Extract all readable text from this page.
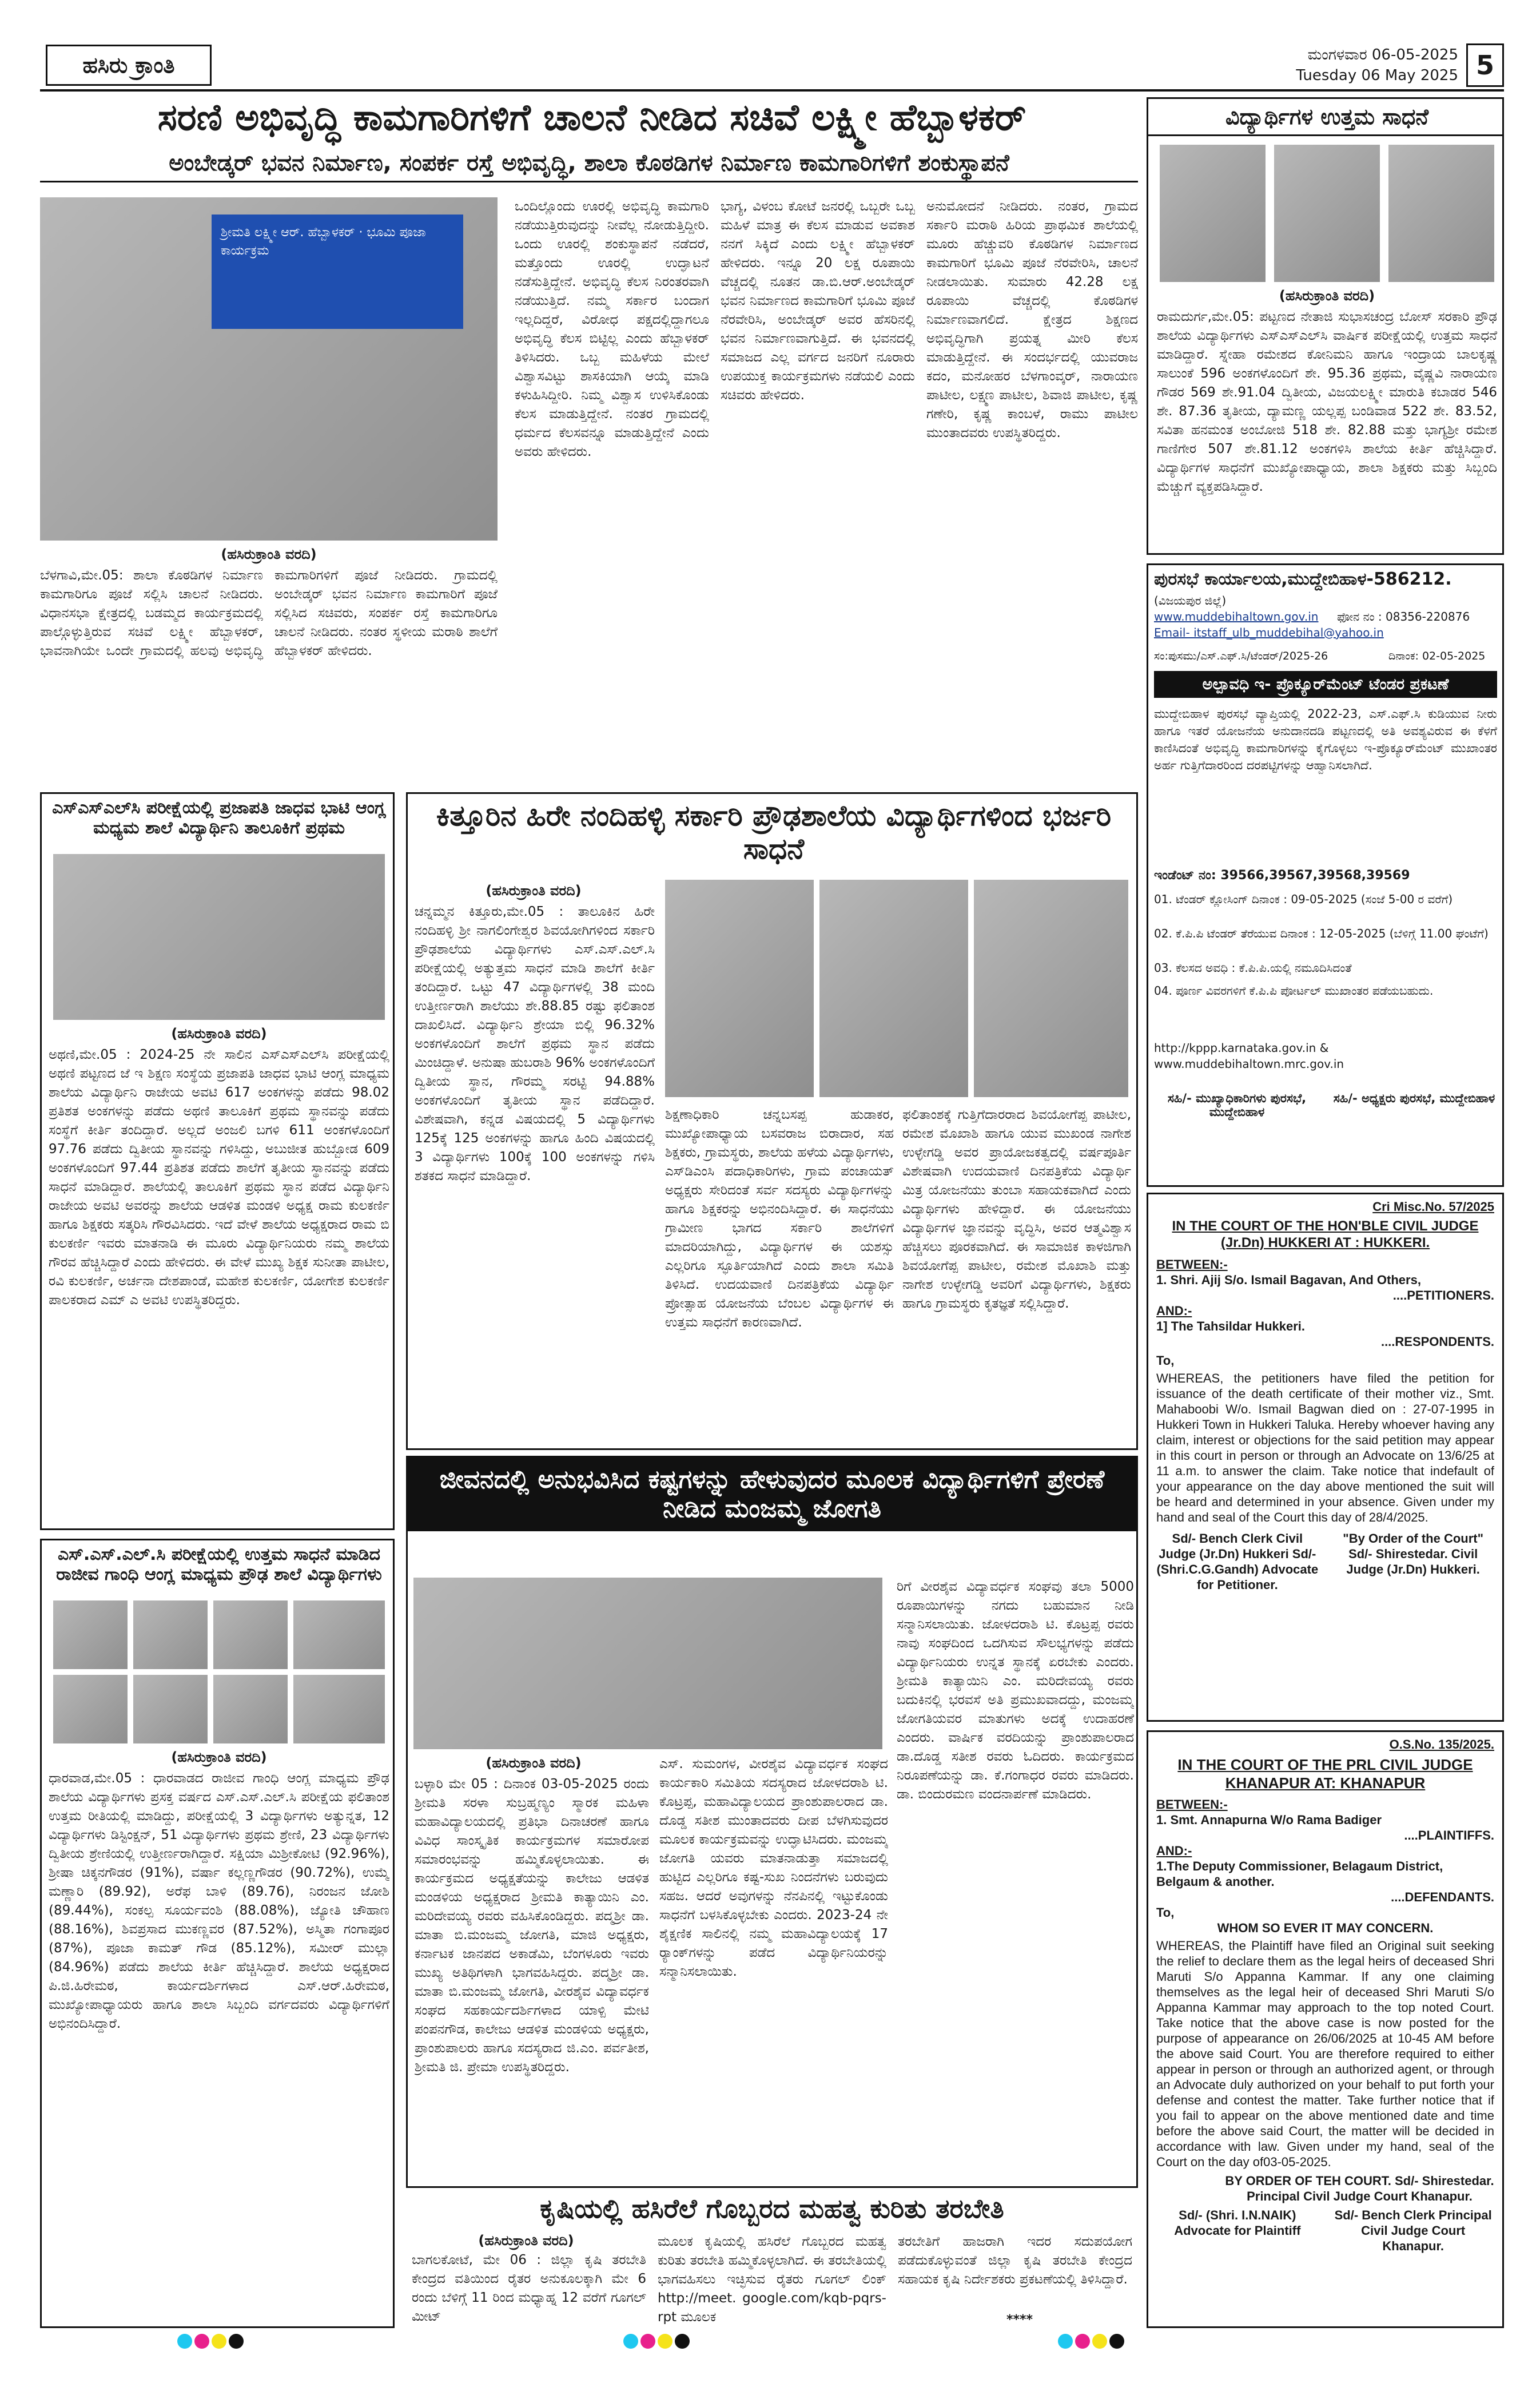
ಹಸಿರು ಕ್ರಾಂತಿ	ಮಂಗಳವಾರ 06-05-2025
Tuesday 06 May 2025 5
ಸರಣಿ ಅಭಿವೃದ್ಧಿ ಕಾಮಗಾರಿಗಳಿಗೆ ಚಾಲನೆ ನೀಡಿದ ಸಚಿವೆ ಲಕ್ಷ್ಮೀ ಹೆಬ್ಬಾಳಕರ್
ಅಂಬೇಡ್ಕರ್ ಭವನ ನಿರ್ಮಾಣ, ಸಂಪರ್ಕ ರಸ್ತೆ ಅಭಿವೃದ್ಧಿ, ಶಾಲಾ ಕೊಠಡಿಗಳ ನಿರ್ಮಾಣ ಕಾಮಗಾರಿಗಳಿಗೆ ಶಂಕುಸ್ಥಾಪನೆ
ಶ್ರೀಮತಿ ಲಕ್ಷ್ಮೀ ಆರ್. ಹೆಬ್ಬಾಳಕರ್ · ಭೂಮಿ ಪೂಜಾ ಕಾರ್ಯಕ್ರಮ
(ಹಸಿರುಕ್ರಾಂತಿ ವರದಿ)
ಬೆಳಗಾವಿ,ಮೇ.05: ಶಾಲಾ ಕೊಠಡಿಗಳ ನಿರ್ಮಾಣ ಕಾಮಗಾರಿಗೂ ಪೂಜೆ ಸಲ್ಲಿಸಿ ಚಾಲನೆ ನೀಡಿದರು. ವಿಧಾನಸಭಾ ಕ್ಷೇತ್ರದಲ್ಲಿ ಬಡಮ್ಮದ ಕಾರ್ಯಕ್ರಮದಲ್ಲಿ ಪಾಲ್ಗೊಳ್ಳುತ್ತಿರುವ ಸಚಿವೆ ಲಕ್ಷ್ಮೀ ಹೆಬ್ಬಾಳಕರ್, ಭಾವನಾಗಿಯೇ ಒಂದೇ ಗ್ರಾಮದಲ್ಲಿ ಹಲವು ಅಭಿವೃದ್ಧಿ ಕಾಮಗಾರಿಗಳಿಗೆ ಪೂಜೆ ನೀಡಿದರು. ಗ್ರಾಮದಲ್ಲಿ ಅಂಬೇಡ್ಕರ್ ಭವನ ನಿರ್ಮಾಣ ಕಾಮಗಾರಿಗೆ ಪೂಜೆ ಸಲ್ಲಿಸಿದ ಸಚಿವರು, ಸಂಪರ್ಕ ರಸ್ತೆ ಕಾಮಗಾರಿಗೂ ಚಾಲನೆ ನೀಡಿದರು. ನಂತರ ಸ್ಥಳೀಯ ಮರಾಠಿ ಶಾಲೆಗೆ ಹೆಬ್ಬಾಳಕರ್ ಹೇಳಿದರು.
ಒಂದಿಲ್ಲೊಂದು ಊರಲ್ಲಿ ಅಭಿವೃದ್ಧಿ ಕಾಮಗಾರಿ ನಡೆಯುತ್ತಿರುವುದನ್ನು ನೀವೆಲ್ಲ ನೋಡುತ್ತಿದ್ದೀರಿ. ಒಂದು ಊರಲ್ಲಿ ಶಂಕುಸ್ಥಾಪನೆ ನಡೆದರೆ, ಮತ್ತೊಂದು ಊರಲ್ಲಿ ಉದ್ಘಾಟನೆ ನಡೆಸುತ್ತಿದ್ದೇನೆ. ಅಭಿವೃದ್ಧಿ ಕೆಲಸ ನಿರಂತರವಾಗಿ ನಡೆಯುತ್ತಿದೆ. ನಮ್ಮ ಸರ್ಕಾರ ಬಂದಾಗ ಇಲ್ಲದಿದ್ದರೆ, ವಿರೋಧ ಪಕ್ಷದಲ್ಲಿದ್ದಾಗಲೂ ಅಭಿವೃದ್ಧಿ ಕೆಲಸ ಬಿಟ್ಟಿಲ್ಲ ಎಂದು ಹೆಬ್ಬಾಳಕರ್ ತಿಳಿಸಿದರು. ಒಬ್ಬ ಮಹಿಳೆಯ ಮೇಲೆ ವಿಶ್ವಾಸವಿಟ್ಟು ಶಾಸಕಿಯಾಗಿ ಆಯ್ಕೆ ಮಾಡಿ ಕಳುಹಿಸಿದ್ದೀರಿ. ನಿಮ್ಮ ವಿಶ್ವಾಸ ಉಳಿಸಿಕೊಂಡು ಕೆಲಸ ಮಾಡುತ್ತಿದ್ದೇನೆ. ನಂತರ ಗ್ರಾಮದಲ್ಲಿ ಧರ್ಮದ ಕೆಲಸವನ್ನೂ ಮಾಡುತ್ತಿದ್ದೇನೆ ಎಂದು ಅವರು ಹೇಳಿದರು.
ಭಾಗ್ಯ, ವಿಳಂಬ ಕೋಟೆ ಜನರಲ್ಲಿ ಒಬ್ಬರೇ ಒಬ್ಬ ಮಹಿಳೆ ಮಾತ್ರ ಈ ಕೆಲಸ ಮಾಡುವ ಅವಕಾಶ ನನಗೆ ಸಿಕ್ಕಿದೆ ಎಂದು ಲಕ್ಷ್ಮೀ ಹೆಬ್ಬಾಳಕರ್ ಹೇಳಿದರು. ಇನ್ನೂ 20 ಲಕ್ಷ ರೂಪಾಯಿ ವೆಚ್ಚದಲ್ಲಿ ನೂತನ ಡಾ.ಬಿ.ಆರ್.ಅಂಬೇಡ್ಕರ್ ಭವನ ನಿರ್ಮಾಣದ ಕಾಮಗಾರಿಗೆ ಭೂಮಿ ಪೂಜೆ ನೆರವೇರಿಸಿ, ಅಂಬೇಡ್ಕರ್ ಅವರ ಹೆಸರಿನಲ್ಲಿ ಭವನ ನಿರ್ಮಾಣವಾಗುತ್ತಿದೆ. ಈ ಭವನದಲ್ಲಿ ಸಮಾಜದ ಎಲ್ಲ ವರ್ಗದ ಜನರಿಗೆ ನೂರಾರು ಉಪಯುಕ್ತ ಕಾರ್ಯಕ್ರಮಗಳು ನಡೆಯಲಿ ಎಂದು ಸಚಿವರು ಹೇಳಿದರು.
ಅನುಮೋದನೆ ನೀಡಿದರು. ನಂತರ, ಗ್ರಾಮದ ಸರ್ಕಾರಿ ಮರಾಠಿ ಹಿರಿಯ ಪ್ರಾಥಮಿಕ ಶಾಲೆಯಲ್ಲಿ ಮೂರು ಹೆಚ್ಚುವರಿ ಕೊಠಡಿಗಳ ನಿರ್ಮಾಣದ ಕಾಮಗಾರಿಗೆ ಭೂಮಿ ಪೂಜೆ ನೆರವೇರಿಸಿ, ಚಾಲನೆ ನೀಡಲಾಯಿತು. ಸುಮಾರು 42.28 ಲಕ್ಷ ರೂಪಾಯಿ ವೆಚ್ಚದಲ್ಲಿ ಕೊಠಡಿಗಳ ನಿರ್ಮಾಣವಾಗಲಿದೆ. ಕ್ಷೇತ್ರದ ಶಿಕ್ಷಣದ ಅಭಿವೃದ್ಧಿಗಾಗಿ ಪ್ರಯತ್ನ ಮೀರಿ ಕೆಲಸ ಮಾಡುತ್ತಿದ್ದೇನೆ. ಈ ಸಂದರ್ಭದಲ್ಲಿ ಯುವರಾಜ ಕದಂ, ಮನೋಹರ ಬೆಳಗಾಂವ್ಕರ್, ನಾರಾಯಣ ಪಾಟೀಲ, ಲಕ್ಷ್ಮಣ ಪಾಟೀಲ, ಶಿವಾಜಿ ಪಾಟೀಲ, ಕೃಷ್ಣ ಗಣೇರಿ, ಕೃಷ್ಣ ಕಾಂಬಳೆ, ರಾಮು ಪಾಟೀಲ ಮುಂತಾದವರು ಉಪಸ್ಥಿತರಿದ್ದರು.
ವಿದ್ಯಾರ್ಥಿಗಳ ಉತ್ತಮ ಸಾಧನೆ
(ಹಸಿರುಕ್ರಾಂತಿ ವರದಿ)
ರಾಮದುರ್ಗ,ಮೇ.05: ಪಟ್ಟಣದ ನೇತಾಜಿ ಸುಭಾಸಚಂದ್ರ ಬೋಸ್ ಸರಕಾರಿ ಪ್ರೌಢ ಶಾಲೆಯ ವಿದ್ಯಾರ್ಥಿಗಳು ಎಸ್ಎಸ್ಎಲ್‌ಸಿ ವಾರ್ಷಿಕ ಪರೀಕ್ಷೆಯಲ್ಲಿ ಉತ್ತಮ ಸಾಧನೆ ಮಾಡಿದ್ದಾರೆ. ಸ್ನೇಹಾ ರಮೇಶದ ಕೋನಿಮನಿ ಹಾಗೂ ಇಂದ್ರಾಯ ಬಾಲಕೃಷ್ಣ ಸಾಲುಂಕೆ 596 ಅಂಕಗಳೊಂದಿಗೆ ಶೇ. 95.36 ಪ್ರಥಮ, ವೈಷ್ಣವಿ ನಾರಾಯಣ ಗೌಡರ 569 ಶೇ.91.04 ದ್ವಿತೀಯ, ವಿಜಯಲಕ್ಷ್ಮೀ ಮಾರುತಿ ಕಬಾಡರ 546 ಶೇ. 87.36 ತೃತೀಯ, ದ್ಯಾಮಣ್ಣ ಯಲ್ಲಪ್ಪ ಬಂಡಿವಾಡ 522 ಶೇ. 83.52, ಸವಿತಾ ಹನಮಂತ ಅಂಬೋಜಿ 518 ಶೇ. 82.88 ಮತ್ತು ಭಾಗ್ಯಶ್ರೀ ರಮೇಶ ಗಾಣಿಗೇರ 507 ಶೇ.81.12 ಅಂಕಗಳಿಸಿ ಶಾಲೆಯ ಕೀರ್ತಿ ಹೆಚ್ಚಿಸಿದ್ದಾರೆ. ವಿದ್ಯಾರ್ಥಿಗಳ ಸಾಧನೆಗೆ ಮುಖ್ಯೋಪಾಧ್ಯಾಯ, ಶಾಲಾ ಶಿಕ್ಷಕರು ಮತ್ತು ಸಿಬ್ಬಂದಿ ಮೆಚ್ಚುಗೆ ವ್ಯಕ್ತಪಡಿಸಿದ್ದಾರೆ.
ಪುರಸಭೆ ಕಾರ್ಯಾಲಯ,ಮುದ್ದೇಬಿಹಾಳ-586212.
(ವಿಜಯಪುರ ಜಿಲ್ಲೆ)
www.muddebihaltown.gov.in ಫೋನ ನಂ : 08356-220876
Email- itstaff_ulb_muddebihal@yahoo.in
ಸಂ:ಪುಸಮು/ಎಸ್.ಎಫ್.ಸಿ/ಟೆಂಡರ್/2025-26	ದಿನಾಂಕ: 02-05-2025
ಅಲ್ಪಾವಧಿ ಇ- ಪ್ರೊಕ್ಯೂರ್‌ಮೆಂಟ್ ಟೆಂಡರ ಪ್ರಕಟಣೆ
ಮುದ್ದೇಬಿಹಾಳ ಪುರಸಭೆ ವ್ಯಾಪ್ತಿಯಲ್ಲಿ 2022-23, ಎಸ್.ಎಫ್.ಸಿ ಕುಡಿಯುವ ನೀರು ಹಾಗೂ ಇತರೆ ಯೋಜನೆಯ ಅನುದಾನದಡಿ ಪಟ್ಟಣದಲ್ಲಿ ಅತಿ ಅವಶ್ಯವಿರುವ ಈ ಕೆಳಗೆ ಕಾಣಿಸಿದಂತೆ ಅಭಿವೃದ್ಧಿ ಕಾಮಗಾರಿಗಳನ್ನು ಕೈಗೊಳ್ಳಲು ಇ-ಪ್ರೊಕ್ಯೂರ್‌ಮೆಂಟ್ ಮುಖಾಂತರ ಅರ್ಹ ಗುತ್ತಿಗೆದಾರರಿಂದ ದರಪಟ್ಟಿಗಳನ್ನು ಆಹ್ವಾನಿಸಲಾಗಿದೆ.
ಇಂಡೆಂಟ್ ನಂ: 39566,39567,39568,39569
01. ಟೆಂಡರ್ ಕ್ಲೋಸಿಂಗ್ ದಿನಾಂಕ : 09-05-2025 (ಸಂಜೆ 5-00 ರ ವರೆಗೆ)
02. ಕೆ.ಪಿ.ಪಿ ಟೆಂಡರ್ ತೆರೆಯುವ ದಿನಾಂಕ : 12-05-2025 (ಬೆಳಿಗ್ಗೆ 11.00 ಘಂಟೆಗೆ)
03. ಕೆಲಸದ ಅವಧಿ : ಕೆ.ಪಿ.ಪಿ.ಯಲ್ಲಿ ನಮೂದಿಸಿದಂತೆ
04. ಪೂರ್ಣ ವಿವರಗಳಿಗೆ ಕೆ.ಪಿ.ಪಿ ಪೋರ್ಟಲ್ ಮುಖಾಂತರ ಪಡೆಯಬಹುದು.
http://kppp.karnataka.gov.in & www.muddebihaltown.mrc.gov.in
ಸಹಿ/- ಮುಖ್ಯಾಧಿಕಾರಿಗಳು ಪುರಸಭೆ, ಮುದ್ದೇಬಿಹಾಳ
ಸಹಿ/- ಅಧ್ಯಕ್ಷರು ಪುರಸಭೆ, ಮುದ್ದೇಬಿಹಾಳ
Cri Misc.No. 57/2025
IN THE COURT OF THE HON'BLE CIVIL JUDGE (Jr.Dn) HUKKERI AT : HUKKERI.
BETWEEN:-
1. Shri. Ajij S/o. Ismail Bagavan, And Others,
....PETITIONERS.
AND:-
1] The Tahsildar Hukkeri.
....RESPONDENTS.
To,
WHEREAS, the petitioners have filed the petition for issuance of the death certificate of their mother viz., Smt. Mahaboobi W/o. Ismail Bagwan died on : 27-07-1995 in Hukkeri Town in Hukkeri Taluka. Hereby whoever having any claim, interest or objections for the said petition may appear in this court in person or through an Advocate on 13/6/25 at 11 a.m. to answer the claim. Take notice that indefault of your appearance on the day above mentioned the suit will be heard and determined in your absence. Given under my hand and seal of the Court this day of 28/4/2025.
Sd/- Bench Clerk Civil Judge (Jr.Dn) Hukkeri Sd/- (Shri.C.G.Gandh) Advocate for Petitioner.
"By Order of the Court" Sd/- Shirestedar. Civil Judge (Jr.Dn) Hukkeri.
O.S.No. 135/2025.
IN THE COURT OF THE PRL CIVIL JUDGE KHANAPUR AT: KHANAPUR
BETWEEN:-
1. Smt. Annapurna W/o Rama Badiger
....PLAINTIFFS.
AND:-
1.The Deputy Commissioner, Belagaum District, Belgaum & another.
....DEFENDANTS.
To,
WHOM SO EVER IT MAY CONCERN.
WHEREAS, the Plaintiff have filed an Original suit seeking the relief to declare them as the legal heirs of deceased Shri Maruti S/o Appanna Kammar. If any one claiming themselves as the legal heir of deceased Shri Maruti S/o Appanna Kammar may approach to the top noted Court. Take notice that the above case is now posted for the purpose of appearance on 26/06/2025 at 10-45 AM before the above said Court. You are therefore required to either appear in person or through an authorized agent, or through an Advocate duly authorized on your behalf to put forth your defense and contest the matter. Take further notice that if you fail to appear on the above mentioned date and time before the above said Court, the matter will be decided in accordance with law. Given under my hand, seal of the Court on the day of03-05-2025.
BY ORDER OF TEH COURT. Sd/- Shirestedar. Principal Civil Judge Court Khanapur.
Sd/- (Shri. I.N.NAIK) Advocate for Plaintiff
Sd/- Bench Clerk Principal Civil Judge Court Khanapur.
ಎಸ್‌ಎಸ್‌ಎಲ್‌ಸಿ ಪರೀಕ್ಷೆಯಲ್ಲಿ ಪ್ರಜಾಪತಿ ಜಾಧವ ಭಾಟಿ ಆಂಗ್ಲ ಮಧ್ಯಮ ಶಾಲೆ ವಿದ್ಯಾರ್ಥಿನಿ ತಾಲೂಕಿಗೆ ಪ್ರಥಮ
(ಹಸಿರುಕ್ರಾಂತಿ ವರದಿ)
ಅಥಣಿ,ಮೇ.05 : 2024-25 ನೇ ಸಾಲಿನ ಎಸ್‌ಎಸ್‌ಎಲ್‌ಸಿ ಪರೀಕ್ಷೆಯಲ್ಲಿ ಅಥಣಿ ಪಟ್ಟಣದ ಜೆ ಇ ಶಿಕ್ಷಣ ಸಂಸ್ಥೆಯ ಪ್ರಜಾಪತಿ ಜಾಧವ ಭಾಟಿ ಆಂಗ್ಲ ಮಾಧ್ಯಮ ಶಾಲೆಯ ವಿದ್ಯಾರ್ಥಿನಿ ರಾಜೇಯ ಅವಟಿ 617 ಅಂಕಗಳನ್ನು ಪಡೆದು 98.02 ಪ್ರತಿಶತ ಅಂಕಗಳನ್ನು ಪಡೆದು ಅಥಣಿ ತಾಲೂಕಿಗೆ ಪ್ರಥಮ ಸ್ಥಾನವನ್ನು ಪಡೆದು ಸಂಸ್ಥೆಗೆ ಕೀರ್ತಿ ತಂದಿದ್ದಾರೆ. ಅಲ್ಲದೆ ಅಂಜಲಿ ಬಗಳಿ 611 ಅಂಕಗಳೊಂದಿಗೆ 97.76 ಪಡೆದು ದ್ವಿತೀಯ ಸ್ಥಾನವನ್ನು ಗಳಿಸಿದ್ದು, ಅಬುಜೀತ ಹುಬ್ಬೋಡ 609 ಅಂಕಗಳೊಂದಿಗೆ 97.44 ಪ್ರತಿಶತ ಪಡೆದು ಶಾಲೆಗೆ ತೃತೀಯ ಸ್ಥಾನವನ್ನು ಪಡೆದು ಸಾಧನೆ ಮಾಡಿದ್ದಾರೆ. ಶಾಲೆಯಲ್ಲಿ ತಾಲೂಕಿಗೆ ಪ್ರಥಮ ಸ್ಥಾನ ಪಡೆದ ವಿದ್ಯಾರ್ಥಿನಿ ರಾಜೇಯ ಅವಟಿ ಅವರನ್ನು ಶಾಲೆಯ ಆಡಳಿತ ಮಂಡಳಿ ಅಧ್ಯಕ್ಷ ರಾಮ ಕುಲಕರ್ಣಿ ಹಾಗೂ ಶಿಕ್ಷಕರು ಸತ್ಕರಿಸಿ ಗೌರವಿಸಿದರು. ಇದೆ ವೇಳೆ ಶಾಲೆಯ ಅಧ್ಯಕ್ಷರಾದ ರಾಮ ಬಿ ಕುಲಕರ್ಣಿ ಇವರು ಮಾತನಾಡಿ ಈ ಮೂರು ವಿದ್ಯಾರ್ಥಿನಿಯರು ನಮ್ಮ ಶಾಲೆಯ ಗೌರವ ಹೆಚ್ಚಿಸಿದ್ದಾರೆ ಎಂದು ಹೇಳಿದರು. ಈ ವೇಳೆ ಮುಖ್ಯ ಶಿಕ್ಷಕ ಸುನೀತಾ ಪಾಟೀಲ, ರವಿ ಕುಲಕರ್ಣಿ, ಅರ್ಚನಾ ದೇಶಪಾಂಡೆ, ಮಹೇಶ ಕುಲಕರ್ಣಿ, ಯೋಗೇಶ ಕುಲಕರ್ಣಿ ಪಾಲಕರಾದ ಎಮ್ ಎ ಅವಟಿ ಉಪಸ್ಥಿತರಿದ್ದರು.
ಎಸ್.ಎಸ್.ಎಲ್.ಸಿ ಪರೀಕ್ಷೆಯಲ್ಲಿ ಉತ್ತಮ ಸಾಧನೆ ಮಾಡಿದ ರಾಜೀವ ಗಾಂಧಿ ಆಂಗ್ಲ ಮಾಧ್ಯಮ ಪ್ರೌಢ ಶಾಲೆ ವಿದ್ಯಾರ್ಥಿಗಳು
(ಹಸಿರುಕ್ರಾಂತಿ ವರದಿ)
ಧಾರವಾಡ,ಮೇ.05 : ಧಾರವಾಡದ ರಾಜೀವ ಗಾಂಧಿ ಆಂಗ್ಲ ಮಾಧ್ಯಮ ಪ್ರೌಢ ಶಾಲೆಯ ವಿದ್ಯಾರ್ಥಿಗಳು ಪ್ರಸಕ್ತ ವರ್ಷದ ಎಸ್.ಎಸ್.ಎಲ್.ಸಿ ಪರೀಕ್ಷೆಯ ಫಲಿತಾಂಶ ಉತ್ತಮ ರೀತಿಯಲ್ಲಿ ಮಾಡಿದ್ದು, ಪರೀಕ್ಷೆಯಲ್ಲಿ 3 ವಿದ್ಯಾರ್ಥಿಗಳು ಅತ್ಯುನ್ನತ, 12 ವಿದ್ಯಾರ್ಥಿಗಳು ಡಿಸ್ಟಿಂಕ್ಷನ್, 51 ವಿದ್ಯಾರ್ಥಿಗಳು ಪ್ರಥಮ ಶ್ರೇಣಿ, 23 ವಿದ್ಯಾರ್ಥಿಗಳು ದ್ವಿತೀಯ ಶ್ರೇಣಿಯಲ್ಲಿ ಉತ್ತೀರ್ಣರಾಗಿದ್ದಾರೆ. ಸಕ್ಷಿಯಾ ಮಿಶ್ರೀಕೋಟಿ (92.96%), ಶ್ರೀಷಾ ಚಿಕ್ಕನಗೌಡರ (91%), ವರ್ಷಾ ಕಲ್ಲಣ್ಣಗೌಡರ (90.72%), ಉಮ್ಮೆ ಮಣ್ಣಾರಿ (89.92), ಅರೆಫ ಬಾಳಿ (89.76), ನಿರಂಜನ ಜೋಶಿ (89.44%), ಸಂಕಲ್ಪ ಸೂರ್ಯವಂಶಿ (88.08%), ಜ್ಯೋತಿ ಚೌಹಾಣ (88.16%), ಶಿವಪ್ರಸಾದ ಮುಕಣ್ಣವರ (87.52%), ಅಸ್ಮಿತಾ ಗಂಗಾಪೂರ (87%), ಪೂಜಾ ಕಾಮತ್ ಗೌಡ (85.12%), ಸಮೀರ್ ಮುಲ್ಲಾ (84.96%) ಪಡೆದು ಶಾಲೆಯ ಕೀರ್ತಿ ಹೆಚ್ಚಿಸಿದ್ದಾರೆ. ಶಾಲೆಯ ಅಧ್ಯಕ್ಷರಾದ ಪಿ.ಜಿ.ಹಿರೇಮಠ, ಕಾರ್ಯದರ್ಶಿಗಳಾದ ಎಸ್.ಆರ್.ಹಿರೇಮಠ, ಮುಖ್ಯೋಪಾಧ್ಯಾಯರು ಹಾಗೂ ಶಾಲಾ ಸಿಬ್ಬಂದಿ ವರ್ಗದವರು ವಿದ್ಯಾರ್ಥಿಗಳಿಗೆ ಅಭಿನಂದಿಸಿದ್ದಾರೆ.
ಕಿತ್ತೂರಿನ ಹಿರೇ ನಂದಿಹಳ್ಳಿ ಸರ್ಕಾರಿ ಪ್ರೌಢಶಾಲೆಯ ವಿದ್ಯಾರ್ಥಿಗಳಿಂದ ಭರ್ಜರಿ ಸಾಧನೆ
(ಹಸಿರುಕ್ರಾಂತಿ ವರದಿ)
ಚನ್ನಮ್ಮನ ಕಿತ್ತೂರು,ಮೇ.05 : ತಾಲೂಕಿನ ಹಿರೇ ನಂದಿಹಳ್ಳಿ ಶ್ರೀ ನಾಗಲಿಂಗೇಶ್ವರ ಶಿವಯೋಗಿಗಳಿಂದ ಸರ್ಕಾರಿ ಪ್ರೌಢಶಾಲೆಯ ವಿದ್ಯಾರ್ಥಿಗಳು ಎಸ್.ಎಸ್.ಎಲ್.ಸಿ ಪರೀಕ್ಷೆಯಲ್ಲಿ ಅತ್ಯುತ್ತಮ ಸಾಧನೆ ಮಾಡಿ ಶಾಲೆಗೆ ಕೀರ್ತಿ ತಂದಿದ್ದಾರೆ. ಒಟ್ಟು 47 ವಿದ್ಯಾರ್ಥಿಗಳಲ್ಲಿ 38 ಮಂದಿ ಉತ್ತೀರ್ಣರಾಗಿ ಶಾಲೆಯು ಶೇ.88.85 ರಷ್ಟು ಫಲಿತಾಂಶ ದಾಖಲಿಸಿದೆ. ವಿದ್ಯಾರ್ಥಿನಿ ಶ್ರೇಯಾ ಬಿಲ್ಲಿ 96.32% ಅಂಕಗಳೊಂದಿಗೆ ಶಾಲೆಗೆ ಪ್ರಥಮ ಸ್ಥಾನ ಪಡೆದು ಮಿಂಚಿದ್ದಾಳೆ. ಅನುಷಾ ಹುಬರಾಶಿ 96% ಅಂಕಗಳೊಂದಿಗೆ ದ್ವಿತೀಯ ಸ್ಥಾನ, ಗೌರಮ್ಮ ಸರಟ್ಟಿ 94.88% ಅಂಕಗಳೊಂದಿಗೆ ತೃತೀಯ ಸ್ಥಾನ ಪಡೆದಿದ್ದಾರೆ. ವಿಶೇಷವಾಗಿ, ಕನ್ನಡ ವಿಷಯದಲ್ಲಿ 5 ವಿದ್ಯಾರ್ಥಿಗಳು 125ಕ್ಕೆ 125 ಅಂಕಗಳನ್ನು ಹಾಗೂ ಹಿಂದಿ ವಿಷಯದಲ್ಲಿ 3 ವಿದ್ಯಾರ್ಥಿಗಳು 100ಕ್ಕೆ 100 ಅಂಕಗಳನ್ನು ಗಳಿಸಿ ಶತಕದ ಸಾಧನೆ ಮಾಡಿದ್ದಾರೆ.
ಶಿಕ್ಷಣಾಧಿಕಾರಿ ಚನ್ನಬಸಪ್ಪ ಹುಡಾಕರ, ಮುಖ್ಯೋಪಾಧ್ಯಾಯ ಬಸವರಾಜ ಬಿರಾದಾರ, ಸಹ ಶಿಕ್ಷಕರು, ಗ್ರಾಮಸ್ಥರು, ಶಾಲೆಯ ಹಳೆಯ ವಿದ್ಯಾರ್ಥಿಗಳು, ಎಸ್‌ಡಿಎಂಸಿ ಪದಾಧಿಕಾರಿಗಳು, ಗ್ರಾಮ ಪಂಚಾಯತ್ ಅಧ್ಯಕ್ಷರು ಸೇರಿದಂತೆ ಸರ್ವ ಸದಸ್ಯರು ವಿದ್ಯಾರ್ಥಿಗಳನ್ನು ಹಾಗೂ ಶಿಕ್ಷಕರನ್ನು ಅಭಿನಂದಿಸಿದ್ದಾರೆ. ಈ ಸಾಧನೆಯು ಗ್ರಾಮೀಣ ಭಾಗದ ಸರ್ಕಾರಿ ಶಾಲೆಗಳಿಗೆ ಮಾದರಿಯಾಗಿದ್ದು, ವಿದ್ಯಾರ್ಥಿಗಳ ಈ ಯಶಸ್ಸು ಎಲ್ಲರಿಗೂ ಸ್ಫೂರ್ತಿಯಾಗಿದೆ ಎಂದು ಶಾಲಾ ಸಮಿತಿ ತಿಳಿಸಿದೆ. ಉದಯವಾಣಿ ದಿನಪತ್ರಿಕೆಯ ವಿದ್ಯಾರ್ಥಿ ಪ್ರೋತ್ಸಾಹ ಯೋಜನೆಯ ಬೆಂಬಲ ವಿದ್ಯಾರ್ಥಿಗಳ ಈ ಉತ್ತಮ ಸಾಧನೆಗೆ ಕಾರಣವಾಗಿದೆ.
ಫಲಿತಾಂಶಕ್ಕೆ ಗುತ್ತಿಗೆದಾರರಾದ ಶಿವಯೋಗೆಪ್ಪ ಪಾಟೀಲ, ರಮೇಶ ಮೊಖಾಶಿ ಹಾಗೂ ಯುವ ಮುಖಂಡ ನಾಗೇಶ ಉಳ್ಳೇಗಡ್ಡಿ ಅವರ ಪ್ರಾಯೋಜಕತ್ವದಲ್ಲಿ ವರ್ಷಪೂರ್ತಿ ವಿಶೇಷವಾಗಿ ಉದಯವಾಣಿ ದಿನಪತ್ರಿಕೆಯ ವಿದ್ಯಾರ್ಥಿ ಮಿತ್ರ ಯೋಜನೆಯು ತುಂಬಾ ಸಹಾಯಕವಾಗಿದೆ ಎಂದು ವಿದ್ಯಾರ್ಥಿಗಳು ಹೇಳಿದ್ದಾರೆ. ಈ ಯೋಜನೆಯು ವಿದ್ಯಾರ್ಥಿಗಳ ಜ್ಞಾನವನ್ನು ವೃದ್ಧಿಸಿ, ಅವರ ಆತ್ಮವಿಶ್ವಾಸ ಹೆಚ್ಚಿಸಲು ಪೂರಕವಾಗಿದೆ. ಈ ಸಾಮಾಜಿಕ ಕಾಳಜಿಗಾಗಿ ಶಿವಯೋಗೆಪ್ಪ ಪಾಟೀಲ, ರಮೇಶ ಮೊಖಾಶಿ ಮತ್ತು ನಾಗೇಶ ಉಳ್ಳೇಗಡ್ಡಿ ಅವರಿಗೆ ವಿದ್ಯಾರ್ಥಿಗಳು, ಶಿಕ್ಷಕರು ಹಾಗೂ ಗ್ರಾಮಸ್ಥರು ಕೃತಜ್ಞತೆ ಸಲ್ಲಿಸಿದ್ದಾರೆ.
ಜೀವನದಲ್ಲಿ ಅನುಭವಿಸಿದ ಕಷ್ಟಗಳನ್ನು ಹೇಳುವುದರ ಮೂಲಕ ವಿದ್ಯಾರ್ಥಿಗಳಿಗೆ ಪ್ರೇರಣೆ ನೀಡಿದ ಮಂಜಮ್ಮ ಜೋಗತಿ
(ಹಸಿರುಕ್ರಾಂತಿ ವರದಿ)
ಬಳ್ಳಾರಿ ಮೇ 05 : ದಿನಾಂಕ 03-05-2025 ರಂದು ಶ್ರೀಮತಿ ಸರಳಾ ಸುಬ್ರಹ್ಮಣ್ಯಂ ಸ್ಮಾರಕ ಮಹಿಳಾ ಮಹಾವಿದ್ಯಾಲಯದಲ್ಲಿ ಪ್ರತಿಭಾ ದಿನಾಚರಣೆ ಹಾಗೂ ವಿವಿಧ ಸಾಂಸ್ಕೃತಿಕ ಕಾರ್ಯಕ್ರಮಗಳ ಸಮಾರೋಪ ಸಮಾರಂಭವನ್ನು ಹಮ್ಮಿಕೊಳ್ಳಲಾಯಿತು. ಈ ಕಾರ್ಯಕ್ರಮದ ಅಧ್ಯಕ್ಷತೆಯನ್ನು ಕಾಲೇಜು ಆಡಳಿತ ಮಂಡಳಿಯ ಅಧ್ಯಕ್ಷರಾದ ಶ್ರೀಮತಿ ಕಾತ್ಯಾಯಿನಿ ಎಂ. ಮರಿದೇವಯ್ಯ ರವರು ವಹಿಸಿಕೊಂಡಿದ್ದರು. ಪದ್ಮಶ್ರೀ ಡಾ. ಮಾತಾ ಬಿ.ಮಂಜಮ್ಮ ಜೋಗತಿ, ಮಾಜಿ ಅಧ್ಯಕ್ಷರು, ಕರ್ನಾಟಕ ಜಾನಪದ ಅಕಾಡೆಮಿ, ಬೆಂಗಳೂರು ಇವರು ಮುಖ್ಯ ಅತಿಥಿಗಳಾಗಿ ಭಾಗವಹಿಸಿದ್ದರು. ಪದ್ಮಶ್ರೀ ಡಾ. ಮಾತಾ ಬಿ.ಮಂಜಮ್ಮ ಜೋಗತಿ, ವೀರಶೈವ ವಿದ್ಯಾವರ್ಧಕ ಸಂಘದ ಸಹಕಾರ್ಯದರ್ಶಿಗಳಾದ ಯಾಳ್ಪಿ ಮೇಟಿ ಪಂಪನಗೌಡ, ಕಾಲೇಜು ಆಡಳಿತ ಮಂಡಳಿಯ ಅಧ್ಯಕ್ಷರು, ಪ್ರಾಂಶುಪಾಲರು ಹಾಗೂ ಸದಸ್ಯರಾದ ಜಿ.ಎಂ. ಪರ್ವತೀಶ, ಶ್ರೀಮತಿ ಜಿ. ಪ್ರೇಮಾ ಉಪಸ್ಥಿತರಿದ್ದರು.
ಎಸ್. ಸುಮಂಗಳ, ವೀರಶೈವ ವಿದ್ಯಾವರ್ಧಕ ಸಂಘದ ಕಾರ್ಯಕಾರಿ ಸಮಿತಿಯ ಸದಸ್ಯರಾದ ಜೋಳದರಾಶಿ ಟಿ. ಕೊಟ್ರಪ್ಪ, ಮಹಾವಿದ್ಯಾಲಯದ ಪ್ರಾಂಶುಪಾಲರಾದ ಡಾ. ದೊಡ್ಡ ಸತೀಶ ಮುಂತಾದವರು ದೀಪ ಬೆಳಗಿಸುವುದರ ಮೂಲಕ ಕಾರ್ಯಕ್ರಮವನ್ನು ಉದ್ಘಾಟಿಸಿದರು. ಮಂಜಮ್ಮ ಜೋಗತಿ ಯವರು ಮಾತನಾಡುತ್ತಾ ಸಮಾಜದಲ್ಲಿ ಹುಟ್ಟಿದ ಎಲ್ಲರಿಗೂ ಕಷ್ಟ-ಸುಖ ನಿಂದನೆಗಳು ಬರುವುದು ಸಹಜ. ಆದರೆ ಅವುಗಳನ್ನು ನೆನಪಿನಲ್ಲಿ ಇಟ್ಟುಕೊಂಡು ಸಾಧನೆಗೆ ಬಳಸಿಕೊಳ್ಳಬೇಕು ಎಂದರು. 2023-24 ನೇ ಶೈಕ್ಷಣಿಕ ಸಾಲಿನಲ್ಲಿ ನಮ್ಮ ಮಹಾವಿದ್ಯಾಲಯಕ್ಕೆ 17 ರ್‍ಯಾಂಕ್‌ಗಳನ್ನು ಪಡೆದ ವಿದ್ಯಾರ್ಥಿನಿಯರನ್ನು ಸನ್ಮಾನಿಸಲಾಯಿತು.
ರಿಗೆ ವೀರಶೈವ ವಿದ್ಯಾವರ್ಧಕ ಸಂಘವು ತಲಾ 5000 ರೂಪಾಯಿಗಳನ್ನು ನಗದು ಬಹುಮಾನ ನೀಡಿ ಸನ್ಮಾನಿಸಲಾಯಿತು. ಜೋಳದರಾಶಿ ಟಿ. ಕೊಟ್ರಪ್ಪ ರವರು ನಾವು ಸಂಘದಿಂದ ಒದಗಿಸುವ ಸೌಲಭ್ಯಗಳನ್ನು ಪಡೆದು ವಿದ್ಯಾರ್ಥಿನಿಯರು ಉನ್ನತ ಸ್ಥಾನಕ್ಕೆ ಏರಬೇಕು ಎಂದರು. ಶ್ರೀಮತಿ ಕಾತ್ಯಾಯಿನಿ ಎಂ. ಮರಿದೇವಯ್ಯ ರವರು ಬದುಕಿನಲ್ಲಿ ಭರವಸೆ ಅತಿ ಪ್ರಮುಖವಾದದ್ದು, ಮಂಜಮ್ಮ ಜೋಗತಿಯವರ ಮಾತುಗಳು ಅದಕ್ಕೆ ಉದಾಹರಣೆ ಎಂದರು. ವಾರ್ಷಿಕ ವರದಿಯನ್ನು ಪ್ರಾಂಶುಪಾಲರಾದ ಡಾ.ದೊಡ್ಡ ಸತೀಶ ರವರು ಓದಿದರು. ಕಾರ್ಯಕ್ರಮದ ನಿರೂಪಣೆಯನ್ನು ಡಾ. ಕೆ.ಗಂಗಾಧರ ರವರು ಮಾಡಿದರು. ಡಾ. ಬಿಂದುರಮಣ ವಂದನಾರ್ಪಣೆ ಮಾಡಿದರು.
ಕೃಷಿಯಲ್ಲಿ ಹಸಿರೆಲೆ ಗೊಬ್ಬರದ ಮಹತ್ವ ಕುರಿತು ತರಬೇತಿ
(ಹಸಿರುಕ್ರಾಂತಿ ವರದಿ)
ಬಾಗಲಕೋಟೆ, ಮೇ 06 : ಜಿಲ್ಲಾ ಕೃಷಿ ತರಬೇತಿ ಕೇಂದ್ರದ ವತಿಯಿಂದ ರೈತರ ಅನುಕೂಲಕ್ಕಾಗಿ ಮೇ 6 ರಂದು ಬೆಳಿಗ್ಗೆ 11 ರಿಂದ ಮಧ್ಯಾಹ್ನ 12 ವರೆಗೆ ಗೂಗಲ್ ಮೀಟ್
ಮೂಲಕ ಕೃಷಿಯಲ್ಲಿ ಹಸಿರೆಲೆ ಗೊಬ್ಬರದ ಮಹತ್ವ ಕುರಿತು ತರಬೇತಿ ಹಮ್ಮಿಕೊಳ್ಳಲಾಗಿದೆ. ಈ ತರಬೇತಿಯಲ್ಲಿ ಭಾಗವಹಿಸಲು ಇಚ್ಛಿಸುವ ರೈತರು ಗೂಗಲ್ ಲಿಂಕ್ http://meet. google.com/kqb-pqrs-rpt ಮೂಲಕ
ತರಬೇತಿಗೆ ಹಾಜರಾಗಿ ಇದರ ಸದುಪಯೋಗ ಪಡೆದುಕೊಳ್ಳುವಂತೆ ಜಿಲ್ಲಾ ಕೃಷಿ ತರಬೇತಿ ಕೇಂದ್ರದ ಸಹಾಯಕ ಕೃಷಿ ನಿರ್ದೇಶಕರು ಪ್ರಕಟಣೆಯಲ್ಲಿ ತಿಳಿಸಿದ್ದಾರೆ.
****
